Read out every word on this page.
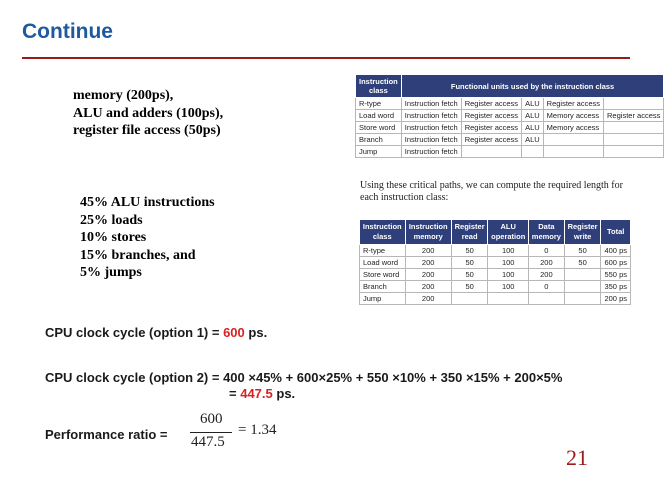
Continue
memory (200ps),
ALU and adders (100ps),
register file access (50ps)
45% ALU instructions
25% loads
10% stores
15% branches, and
5% jumps
Instruction class	Functional units used by the instruction class				
R-type	Instruction fetch	Register access	ALU	Register access	
Load word	Instruction fetch	Register access	ALU	Memory access	Register access
Store word	Instruction fetch	Register access	ALU	Memory access	
Branch	Instruction fetch	Register access	ALU		
Jump	Instruction fetch				
Using these critical paths, we can compute the required length for each instruction class:
Instruction class	Instruction memory	Register read	ALU operation	Data memory	Register write	Total
R-type	200	50	100	0	50	400 ps
Load word	200	50	100	200	50	600 ps
Store word	200	50	100	200		550 ps
Branch	200	50	100	0		350 ps
Jump	200					200 ps
CPU clock cycle (option 1) = 600 ps.
CPU clock cycle (option 2) = 400 ×45% + 600×25% + 550 ×10% + 350 ×15% + 200×5%
= 447.5 ps.
Performance ratio =
600
447.5
= 1.34
21
